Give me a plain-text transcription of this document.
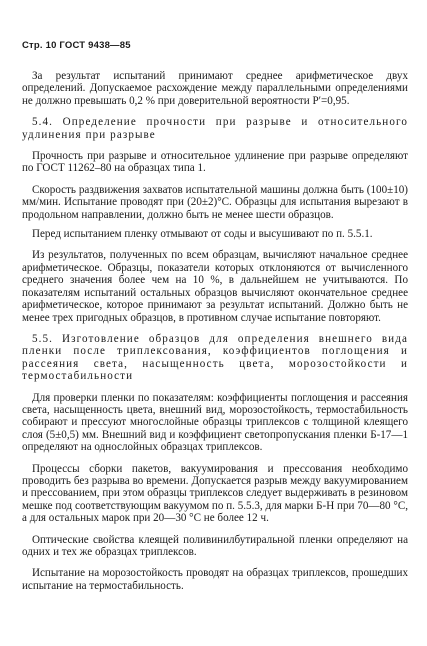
Стр. 10 ГОСТ 9438—85

За результат испытаний принимают среднее арифметическое двух определений. Допускаемое расхождение между параллельными определениями не должно превышать 0,2 % при доверительной вероятности P′=0,95.

5.4. Определение прочности при разрыве и относительного удлинения при разрыве

Прочность при разрыве и относительное удлинение при разрыве определяют по ГОСТ 11262–80 на образцах типа 1.

Скорость раздвижения захватов испытательной машины должна быть (100±10) мм/мин. Испытание проводят при (20±2)°С. Образцы для испытания вырезают в продольном направлении, должно быть не менее шести образцов.

Перед испытанием пленку отмывают от соды и высушивают по п. 5.5.1.

Из результатов, полученных по всем образцам, вычисляют начальное среднее арифметическое. Образцы, показатели которых отклоняются от вычисленного среднего значения более чем на 10 %, в дальнейшем не учитываются. По показателям испытаний остальных образцов вычисляют окончательное среднее арифметическое, которое принимают за результат испытаний. Должно быть не менее трех пригодных образцов, в противном случае испытание повторяют.

5.5. Изготовление образцов для определения внешнего вида пленки после триплексования, коэффициентов поглощения и рассеяния света, насыщенность цвета, морозостойкости и термостабильности

Для проверки пленки по показателям: коэффициенты поглощения и рассеяния света, насыщенность цвета, внешний вид, морозостойкость, термостабильность собирают и прессуют многослойные образцы триплексов с толщиной клеящего слоя (5±0,5) мм. Внешний вид и коэффициент светопропускания пленки Б-17—1 определяют на однослойных образцах триплексов.

Процессы сборки пакетов, вакуумирования и прессования необходимо проводить без разрыва во времени. Допускается разрыв между вакуумированием и прессованием, при этом образцы триплексов следует выдерживать в резиновом мешке под соответствующим вакуумом по п. 5.5.3, для марки Б-Н при 70—80 °С, а для остальных марок при 20—30 °С не более 12 ч.

Оптические свойства клеящей поливинилбутиральной пленки определяют на одних и тех же образцах триплексов.

Испытание на морозостойкость проводят на образцах триплексов, прошедших испытание на термостабильность.
